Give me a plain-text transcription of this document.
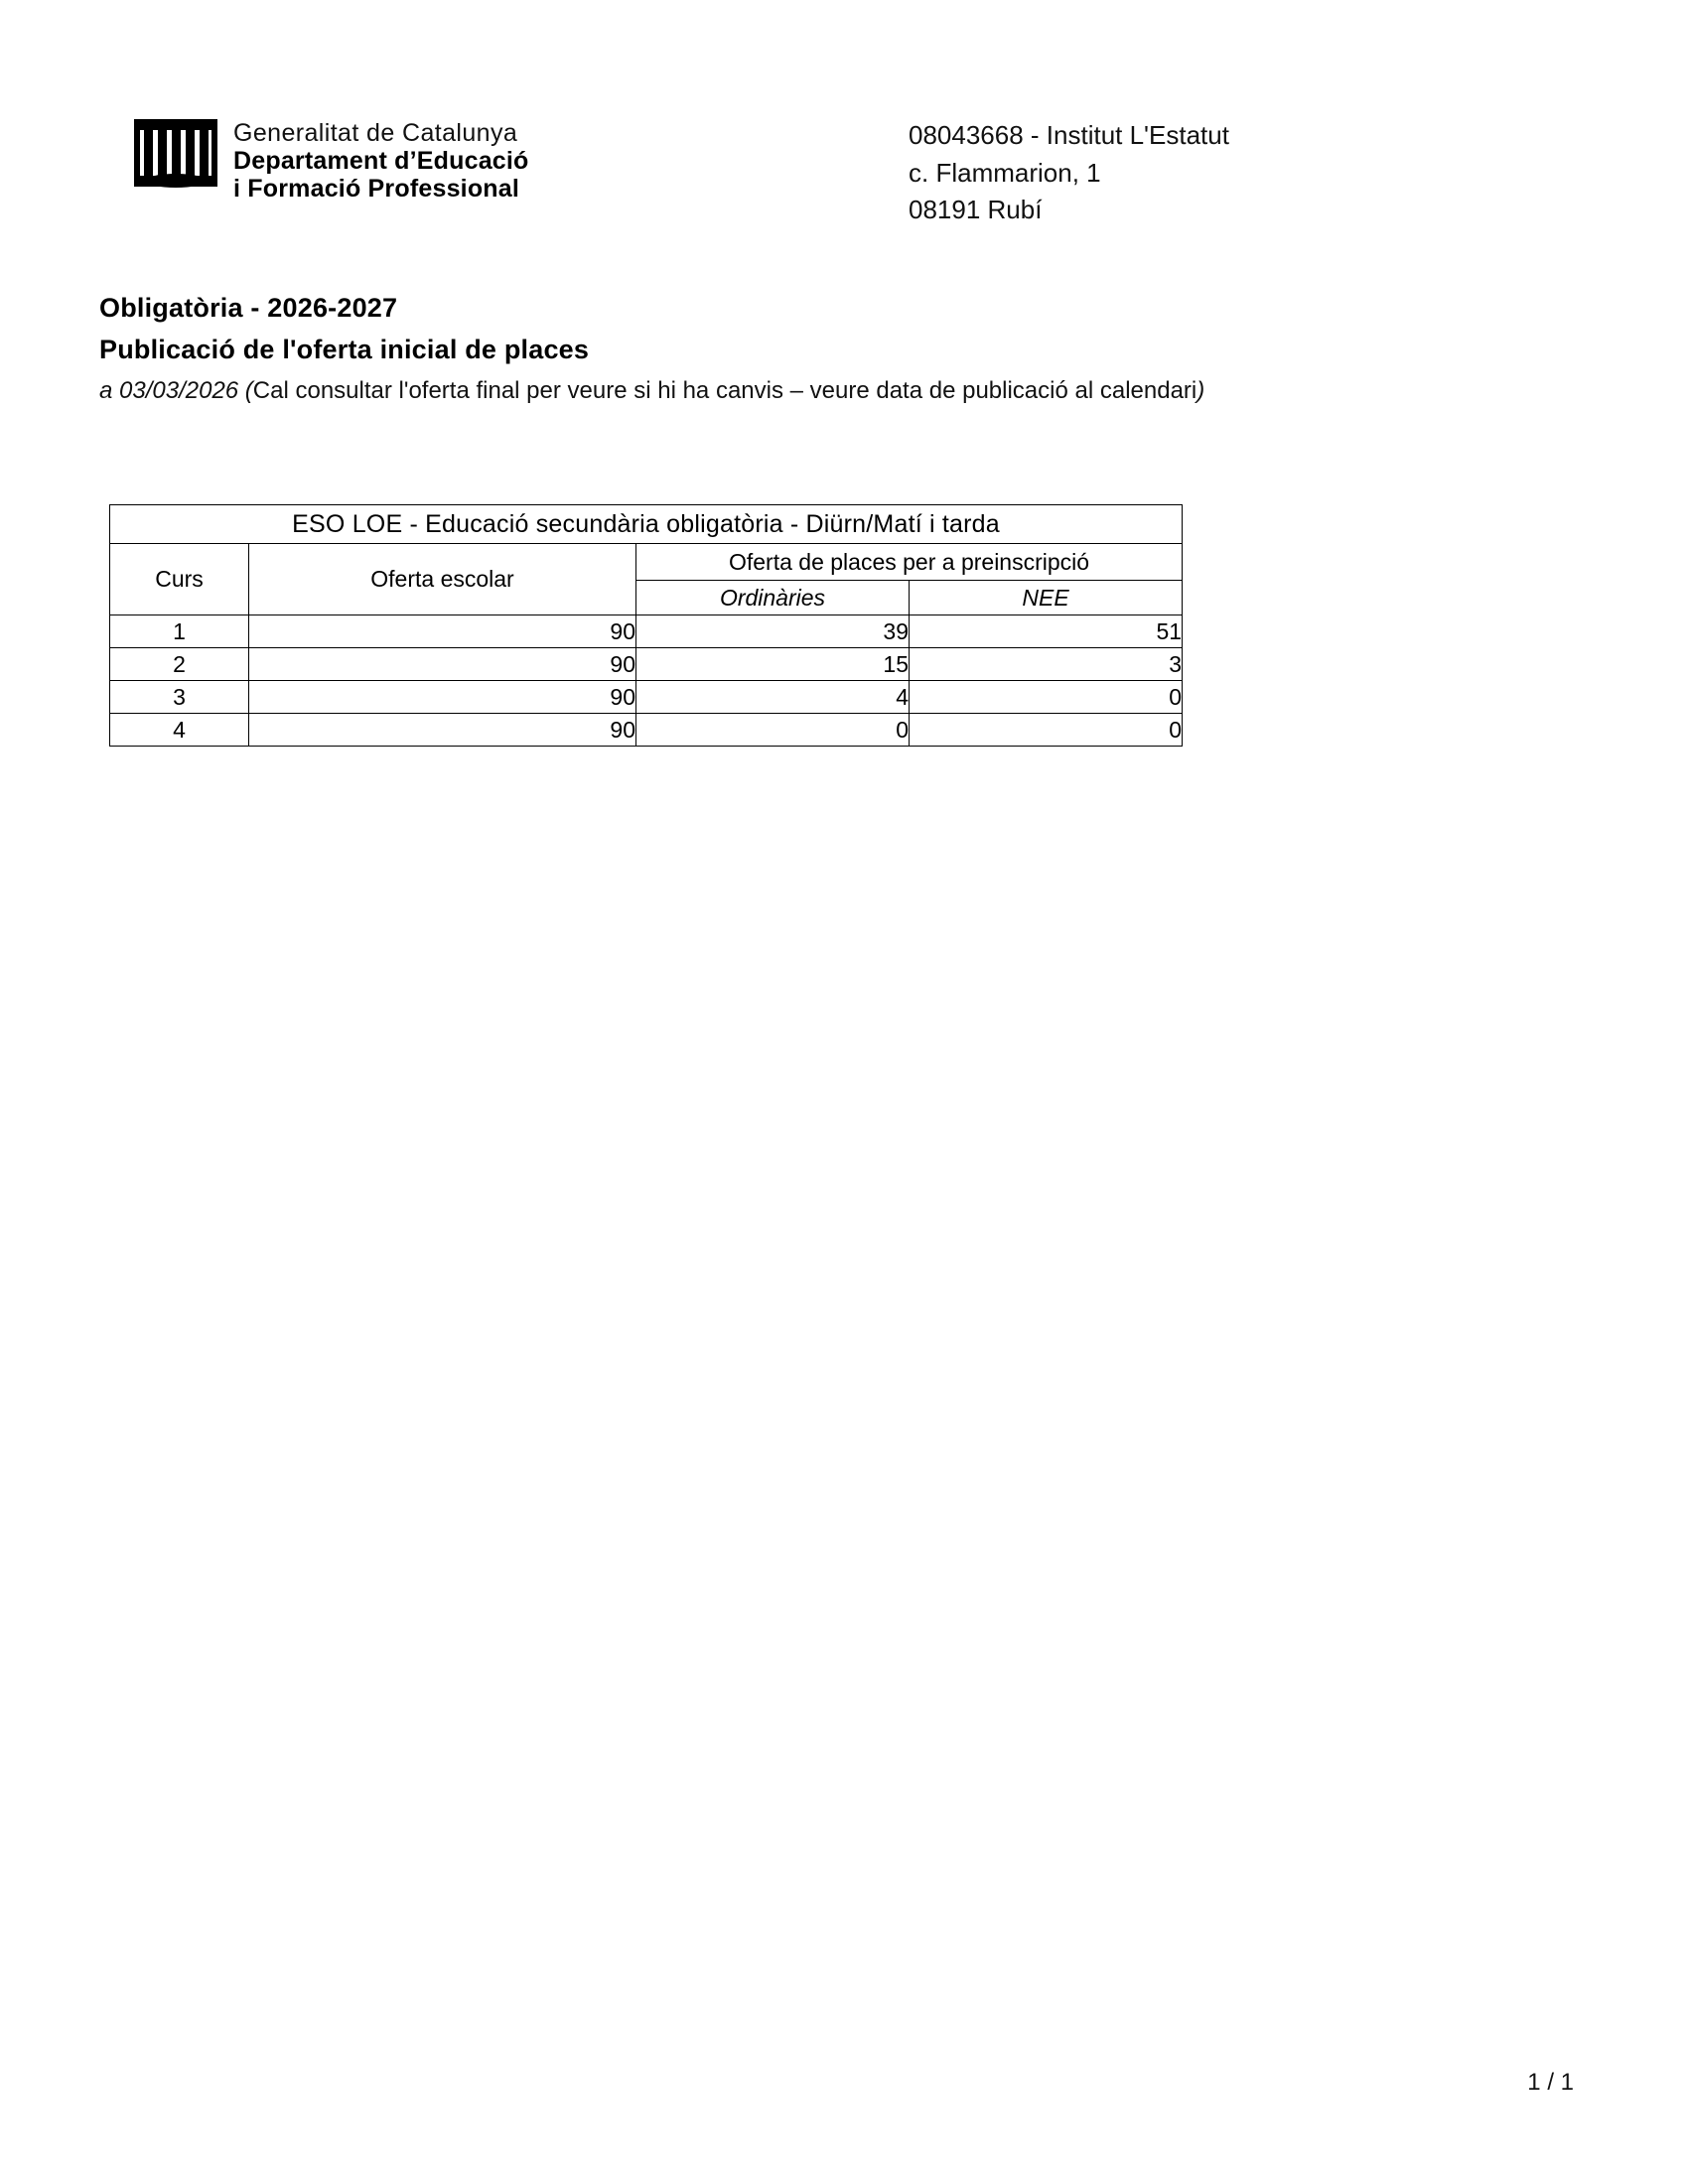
Generalitat de Catalunya
Departament d’Educació
i Formació Professional
08043668 - Institut L'Estatut
c. Flammarion, 1
08191 Rubí
Obligatòria - 2026-2027
Publicació de l'oferta inicial de places
a 03/03/2026 (Cal consultar l'oferta final per veure si hi ha canvis – veure data de publicació al calendari)
ESO LOE - Educació secundària obligatòria - Diürn/Matí i tarda			
Curs	Oferta escolar	Oferta de places per a preinscripció	
		Ordinàries	NEE
1	90	39	51
2	90	15	3
3	90	4	0
4	90	0	0
1 / 1
